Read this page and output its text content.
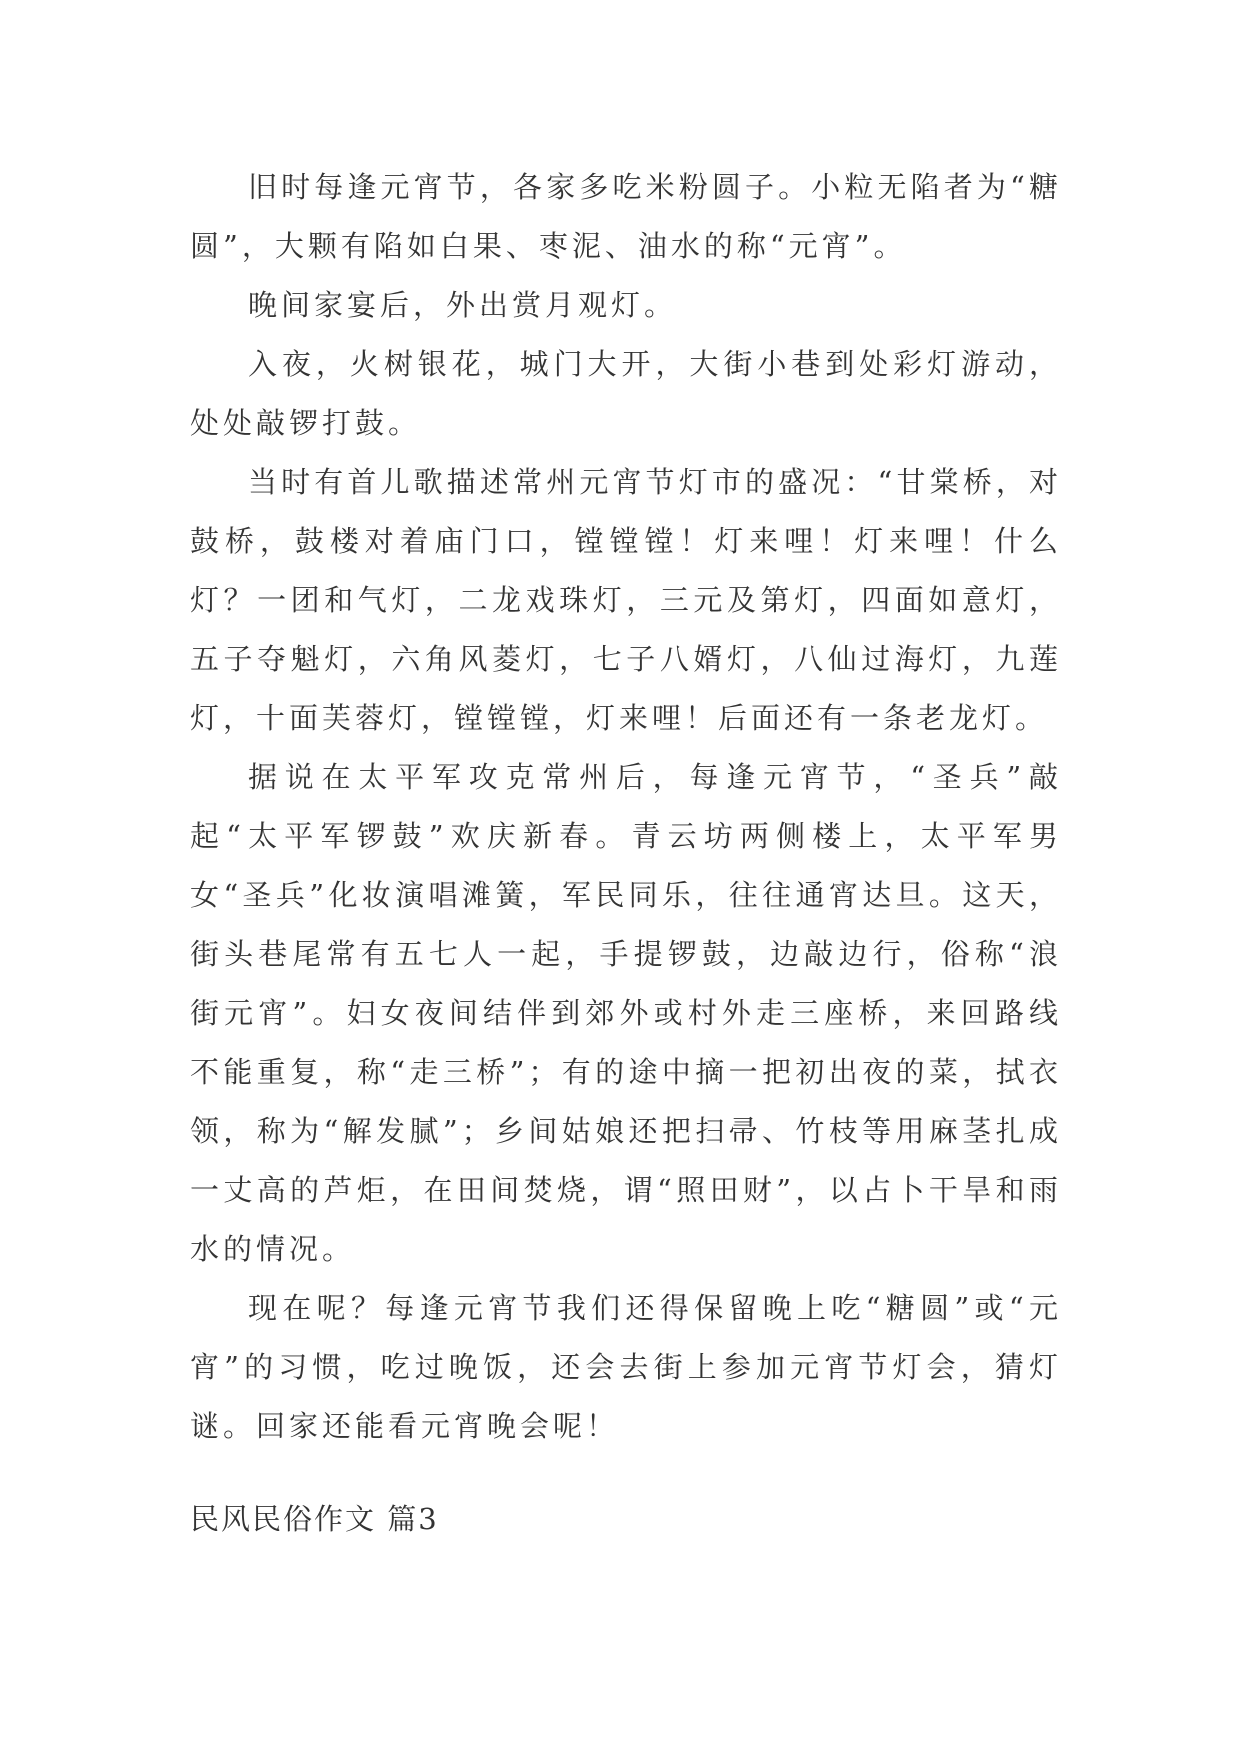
旧时每逢元宵节，各家多吃米粉圆子。小粒无陷者为“糖圆”，大颗有陷如白果、枣泥、油水的称“元宵”。

晚间家宴后，外出赏月观灯。

入夜，火树银花，城门大开，大街小巷到处彩灯游动，处处敲锣打鼓。

当时有首儿歌描述常州元宵节灯市的盛况：“甘棠桥，对鼓桥，鼓楼对着庙门口，镗镗镗！灯来哩！灯来哩！什么灯？一团和气灯，二龙戏珠灯，三元及第灯，四面如意灯，五子夺魁灯，六角风菱灯，七子八婿灯，八仙过海灯，九莲灯，十面芙蓉灯，镗镗镗，灯来哩！后面还有一条老龙灯。

据说在太平军攻克常州后，每逢元宵节，“圣兵”敲起“太平军锣鼓”欢庆新春。青云坊两侧楼上，太平军男女“圣兵”化妆演唱滩簧，军民同乐，往往通宵达旦。这天，街头巷尾常有五七人一起，手提锣鼓，边敲边行，俗称“浪街元宵”。妇女夜间结伴到郊外或村外走三座桥，来回路线不能重复，称“走三桥”；有的途中摘一把初出夜的菜，拭衣领，称为“解发腻”；乡间姑娘还把扫帚、竹枝等用麻茎扎成一丈高的芦炬，在田间焚烧，谓“照田财”，以占卜干旱和雨水的情况。

现在呢？每逢元宵节我们还得保留晚上吃“糖圆”或“元宵”的习惯，吃过晚饭，还会去街上参加元宵节灯会，猜灯谜。回家还能看元宵晚会呢！

民风民俗作文 篇3
